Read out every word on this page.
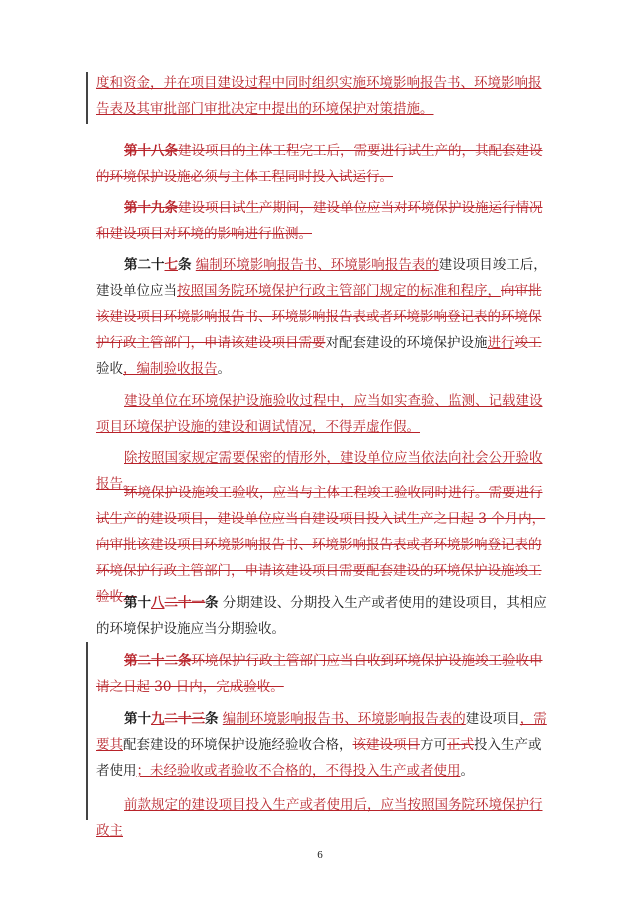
度和资金，并在项目建设过程中同时组织实施环境影响报告书、环境影响报告表及其审批部门审批决定中提出的环境保护对策措施。
第十八条建设项目的主体工程完工后，需要进行试生产的，其配套建设的环境保护设施必须与主体工程同时投入试运行。
第十九条建设项目试生产期间，建设单位应当对环境保护设施运行情况和建设项目对环境的影响进行监测。
第二十七条 编制环境影响报告书、环境影响报告表的建设项目竣工后，建设单位应当按照国务院环境保护行政主管部门规定的标准和程序，向审批该建设项目环境影响报告书、环境影响报告表或者环境影响登记表的环境保护行政主管部门，申请该建设项目需要对配套建设的环境保护设施进行竣工验收，编制验收报告。
建设单位在环境保护设施验收过程中，应当如实查验、监测、记载建设项目环境保护设施的建设和调试情况，不得弄虚作假。
除按照国家规定需要保密的情形外，建设单位应当依法向社会公开验收报告。
环境保护设施竣工验收，应当与主体工程竣工验收同时进行。需要进行试生产的建设项目，建设单位应当自建设项目投入试生产之日起 3 个月内，向审批该建设项目环境影响报告书、环境影响报告表或者环境影响登记表的环境保护行政主管部门，申请该建设项目需要配套建设的环境保护设施竣工验收。
第十八二十一条 分期建设、分期投入生产或者使用的建设项目，其相应的环境保护设施应当分期验收。
第二十二条环境保护行政主管部门应当自收到环境保护设施竣工验收申请之日起 30 日内，完成验收。
第十九二十三条 编制环境影响报告书、环境影响报告表的建设项目，需要其配套建设的环境保护设施经验收合格，该建设项目方可正式投入生产或者使用；未经验收或者验收不合格的，不得投入生产或者使用。
前款规定的建设项目投入生产或者使用后，应当按照国务院环境保护行政主
6
